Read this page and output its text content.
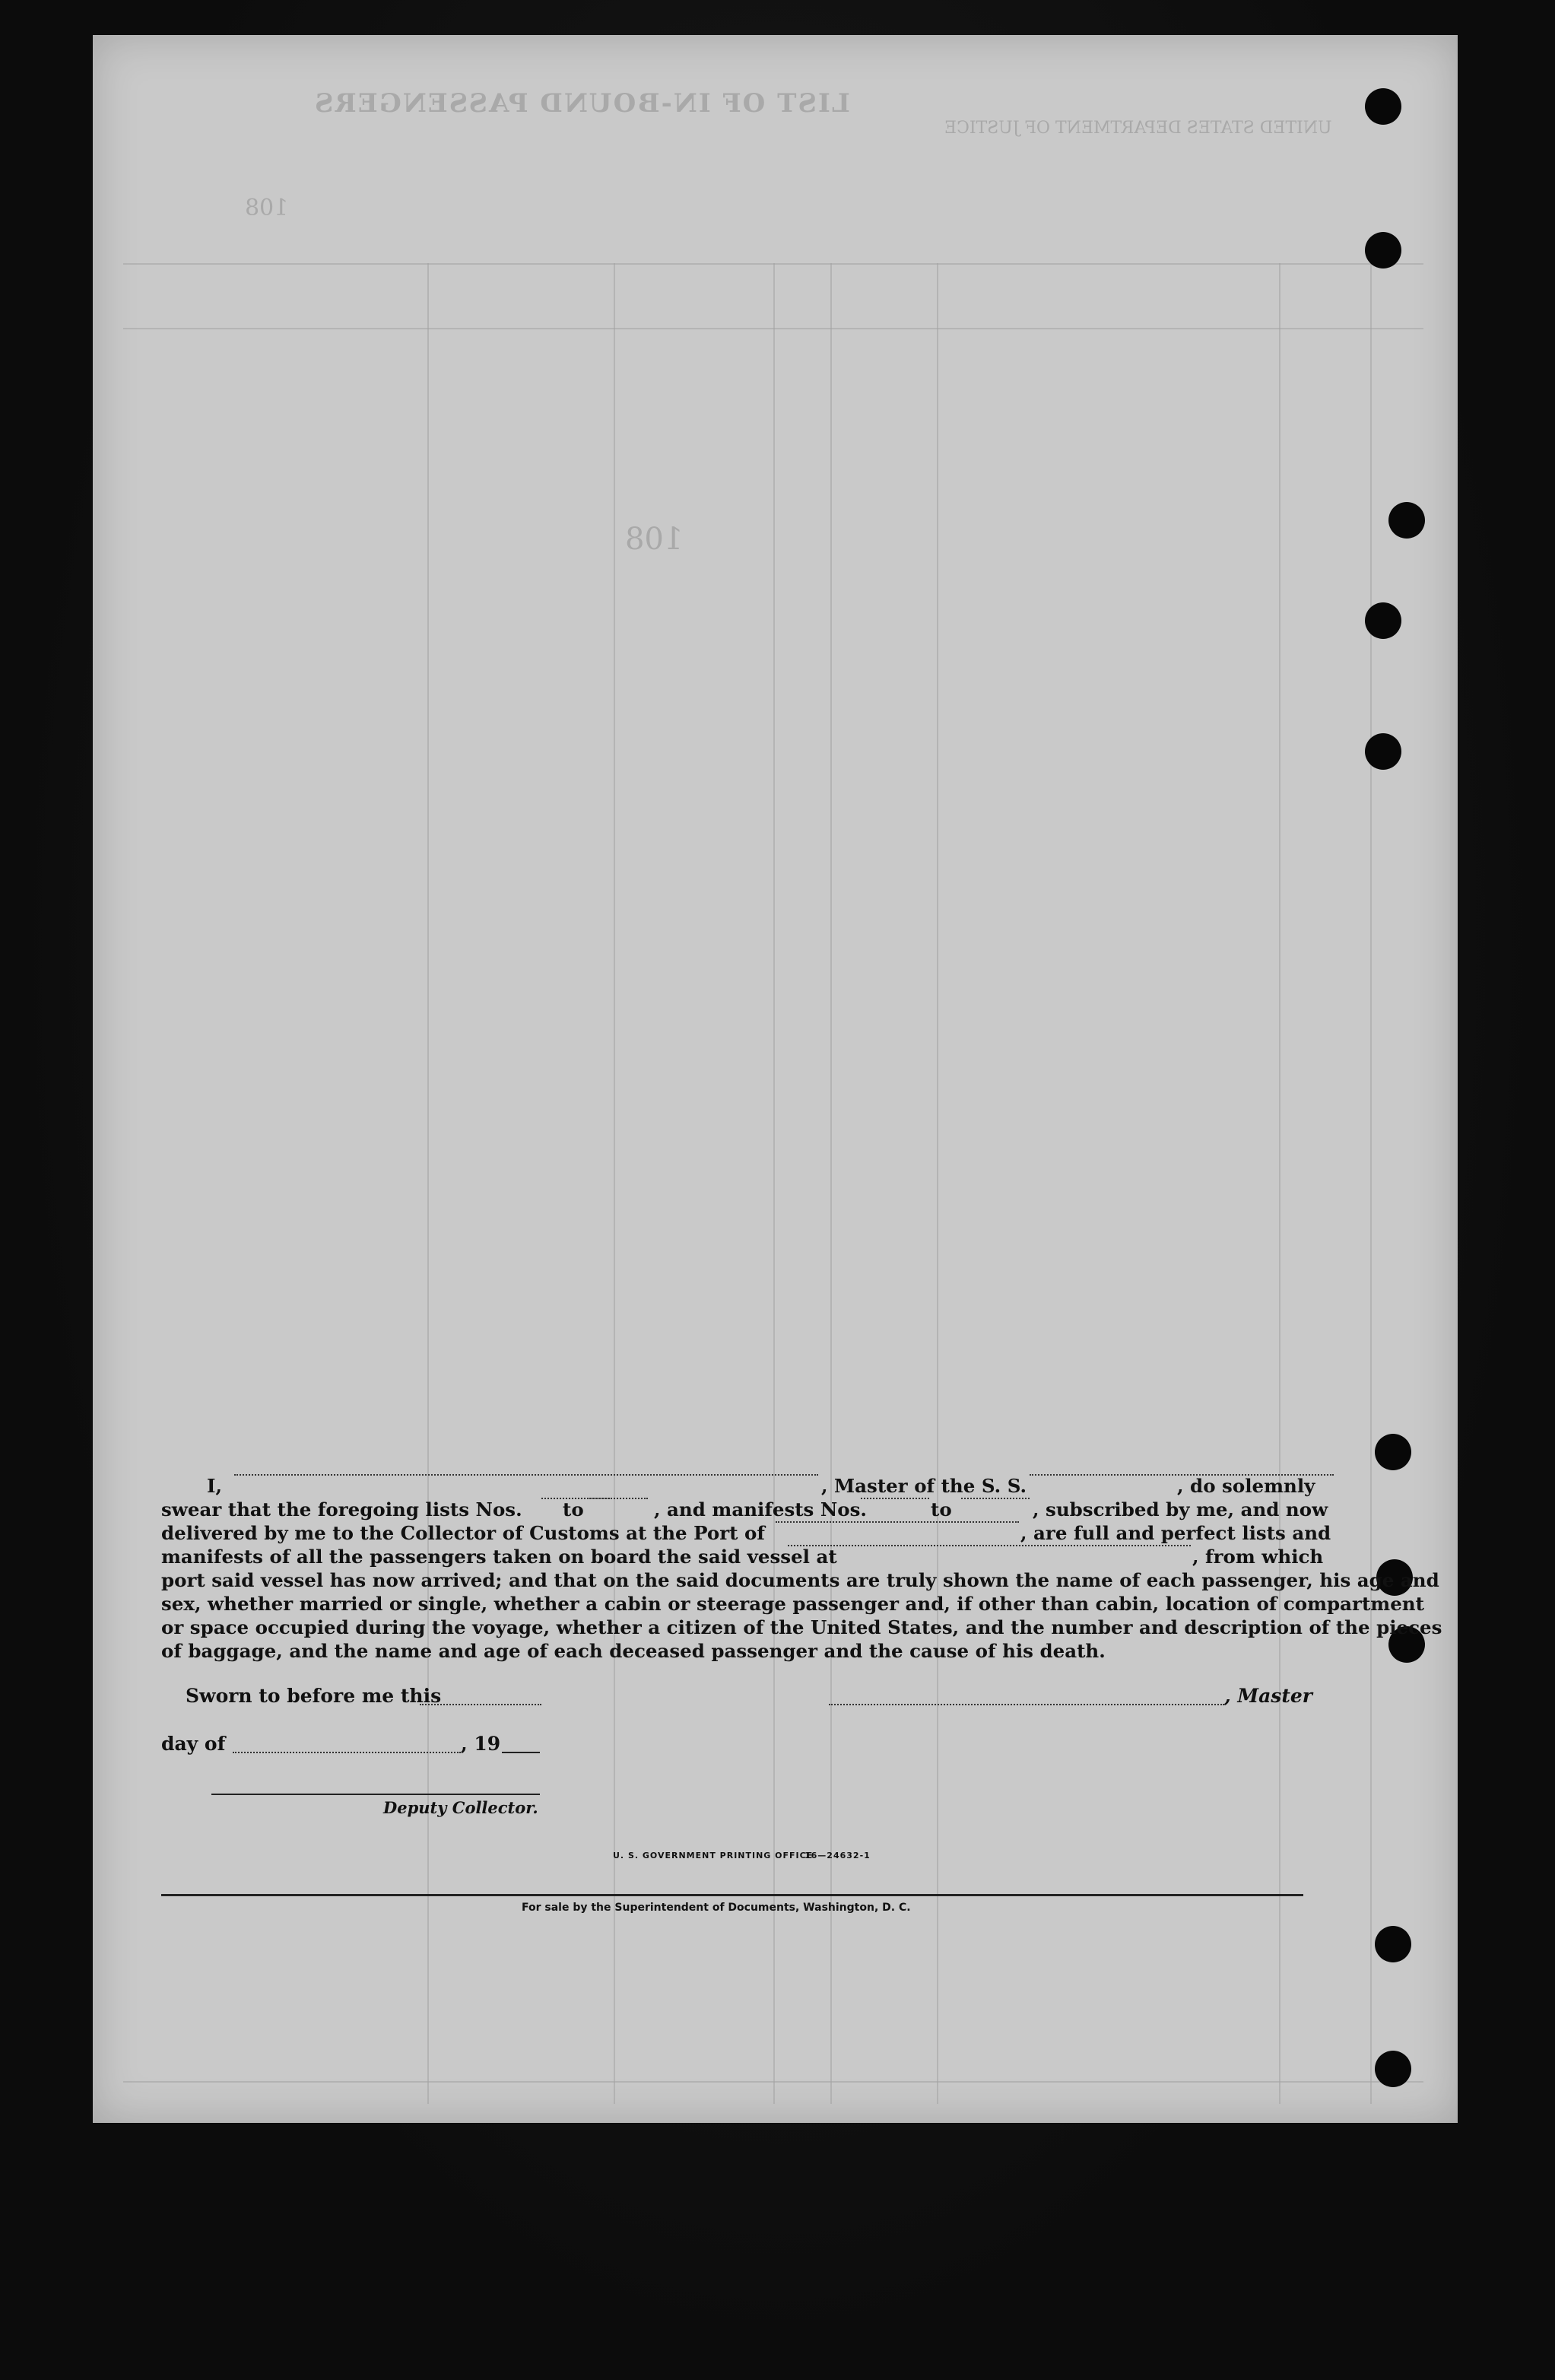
LIST OF IN-BOUND PASSENGERS
UNITED STATES DEPARTMENT OF JUSTICE
108
108
I,	, Master of the S. S.	, do solemnly
swear that the foregoing lists Nos. to	, and manifests Nos.	to	, subscribed by me, and now
delivered by me to the Collector of Customs at the Port of	, are full and perfect lists and
manifests of all the passengers taken on board the said vessel at	, from which
port said vessel has now arrived; and that on the said documents are truly shown the name of each passenger, his age and
sex, whether married or single, whether a cabin or steerage passenger and, if other than cabin, location of compartment
or space occupied during the voyage, whether a citizen of the United States, and the number and description of the pieces
of baggage, and the name and age of each deceased passenger and the cause of his death.
Sworn to before me this	, Master
day of	, 19
Deputy Collector.
U. S. GOVERNMENT PRINTING OFFICE
16—24632-1
For sale by the Superintendent of Documents, Washington, D. C.
